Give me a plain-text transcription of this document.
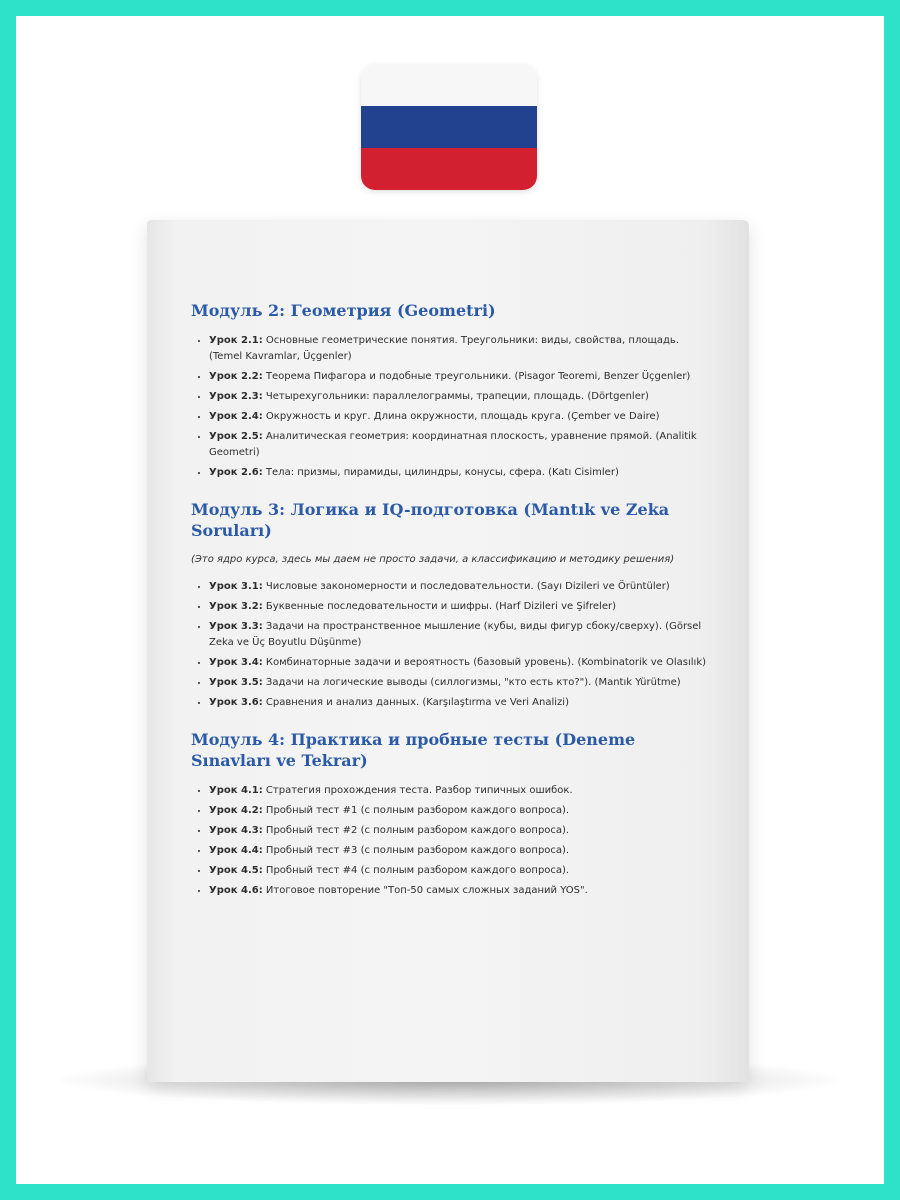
Модуль 2: Геометрия (Geometri)
• Урок 2.1: Основные геометрические понятия. Треугольники: виды, свойства, площадь. (Temel Kavramlar, Üçgenler)
• Урок 2.2: Теорема Пифагора и подобные треугольники. (Pisagor Teoremi, Benzer Üçgenler)
• Урок 2.3: Четырехугольники: параллелограммы, трапеции, площадь. (Dörtgenler)
• Урок 2.4: Окружность и круг. Длина окружности, площадь круга. (Çember ve Daire)
• Урок 2.5: Аналитическая геометрия: координатная плоскость, уравнение прямой. (Analitik Geometri)
• Урок 2.6: Тела: призмы, пирамиды, цилиндры, конусы, сфера. (Katı Cisimler)
Модуль 3: Логика и IQ-подготовка (Mantık ve Zeka Soruları)

(Это ядро курса, здесь мы даем не просто задачи, а классификацию и методику решения)

• Урок 3.1: Числовые закономерности и последовательности. (Sayı Dizileri ve Örüntüler)
• Урок 3.2: Буквенные последовательности и шифры. (Harf Dizileri ve Şifreler)
• Урок 3.3: Задачи на пространственное мышление (кубы, виды фигур сбоку/сверху). (Görsel Zeka ve Üç Boyutlu Düşünme)
• Урок 3.4: Комбинаторные задачи и вероятность (базовый уровень). (Kombinatorik ve Olasılık)
• Урок 3.5: Задачи на логические выводы (силлогизмы, "кто есть кто?"). (Mantık Yürütme)
• Урок 3.6: Сравнения и анализ данных. (Karşılaştırma ve Veri Analizi)
Модуль 4: Практика и пробные тесты (Deneme Sınavları ve Tekrar)
• Урок 4.1: Стратегия прохождения теста. Разбор типичных ошибок.
• Урок 4.2: Пробный тест #1 (с полным разбором каждого вопроса).
• Урок 4.3: Пробный тест #2 (с полным разбором каждого вопроса).
• Урок 4.4: Пробный тест #3 (с полным разбором каждого вопроса).
• Урок 4.5: Пробный тест #4 (с полным разбором каждого вопроса).
• Урок 4.6: Итоговое повторение "Топ-50 самых сложных заданий YOS".
